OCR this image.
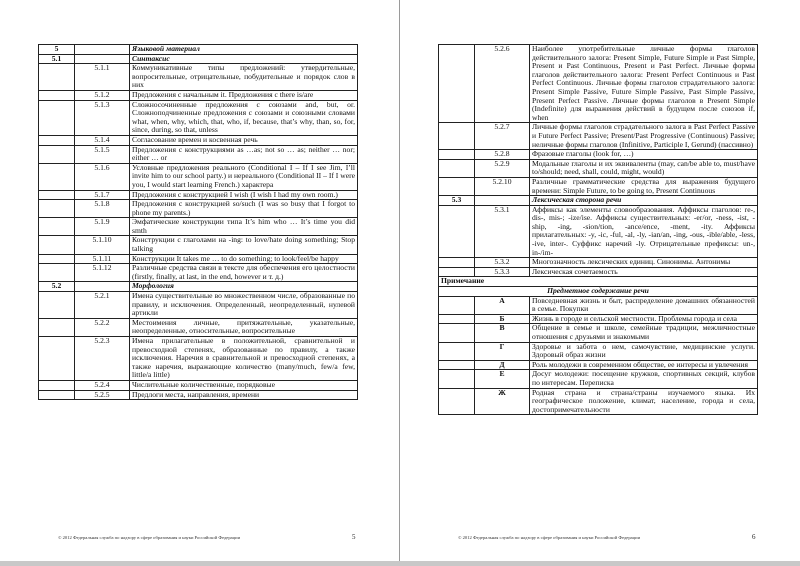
5		Языковой материал
5.1		Синтаксис
	5.1.1	Коммуникативные типы предложений: утвердительные, вопросительные, отрицательные, побудительные и порядок слов в них
	5.1.2	Предложения с начальным it. Предложения с there is/are
	5.1.3	Сложносочиненные предложения с союзами and, but, or. Сложноподчиненные предложения с союзами и союзными словами what, when, why, which, that, who, if, because, that’s why, than, so, for, since, during, so that, unless
	5.1.4	Согласование времен и косвенная речь
	5.1.5	Предложения с конструкциями as …as; not so … as; neither … nor; either … or
	5.1.6	Условные предложения реального (Conditional I – If I see Jim, I’ll invite him to our school party.) и нереального (Conditional II – If I were you, I would start learning French.) характера
	5.1.7	Предложения с конструкцией I wish (I wish I had my own room.)
	5.1.8	Предложения с конструкцией so/such (I was so busy that I forgot to phone my parents.)
	5.1.9	Эмфатические конструкции типа It’s him who … It’s time you did smth
	5.1.10	Конструкции с глаголами на -ing: to love/hate doing something; Stop talking
	5.1.11	Конструкции It takes me … to do something; to look/feel/be happy
	5.1.12	Различные средства связи в тексте для обеспечения его целостности (firstly, finally, at last, in the end, however и т. д.)
5.2		Морфология
	5.2.1	Имена существительные во множественном числе, образованные по правилу, и исключения. Определенный, неопределенный, нулевой артикли
	5.2.2	Местоимения личные, притяжательные, указательные, неопределенные, относительные, вопросительные
	5.2.3	Имена прилагательные в положительной, сравнительной и превосходной степенях, образованные по правилу, а также исключения. Наречия в сравнительной и превосходной степенях, а также наречия, выражающие количество (many/much, few/a few, little/a little)
	5.2.4	Числительные количественные, порядковые
	5.2.5	Предлоги места, направления, времени
© 2012 Федеральная служба по надзору в сфере образования и науки Российской Федерации	5
	5.2.6	Наиболее употребительные личные формы глаголов действительного залога: Present Simple, Future Simple и Past Simple, Present и Past Continuous, Present и Past Perfect. Личные формы глаголов действительного залога: Present Perfect Continuous и Past Perfect Continuous. Личные формы глаголов страдательного залога: Present Simple Passive, Future Simple Passive, Past Simple Passive, Present Perfect Passive. Личные формы глаголов в Present Simple (Indefinite) для выражения действий в будущем после союзов if, when
	5.2.7	Личные формы глаголов страдательного залога в Past Perfect Passive и Future Perfect Passive; Present/Past Progressive (Continuous) Passive; неличные формы глаголов (Infinitive, Participle I, Gerund) (пассивно)
	5.2.8	Фразовые глаголы (look for, …)
	5.2.9	Модальные глаголы и их эквиваленты (may, can/be able to, must/have to/should; need, shall, could, might, would)
	5.2.10	Различные грамматические средства для выражения будущего времени: Simple Future, to be going to, Present Continuous
5.3		Лексическая сторона речи
	5.3.1	Аффиксы как элементы словообразования. Аффиксы глаголов: re-, dis-, mis-; -ize/ise. Аффиксы существительных: -er/or, -ness, -ist, -ship, -ing, -sion/tion, -ance/ence, -ment, -ity. Аффиксы прилагательных: -y, -ic, -ful, -al, -ly, -ian/an, -ing, -ous, -ible/able, -less, -ive, inter-. Суффикс наречий -ly. Отрицательные префиксы: un-, in-/im-
	5.3.2	Многозначность лексических единиц. Синонимы. Антонимы
	5.3.3	Лексическая сочетаемость
Примечание		
Предметное содержание речи		
	А	Повседневная жизнь и быт, распределение домашних обязанностей в семье. Покупки
	Б	Жизнь в городе и сельской местности. Проблемы города и села
	В	Общение в семье и школе, семейные традиции, межличностные отношения с друзьями и знакомыми
	Г	Здоровье и забота о нем, самочувствие, медицинские услуги. Здоровый образ жизни
	Д	Роль молодежи в современном обществе, ее интересы и увлечения
	Е	Досуг молодежи: посещение кружков, спортивных секций, клубов по интересам. Переписка
	Ж	Родная страна и страна/страны изучаемого языка. Их географическое положение, климат, население, города и села, достопримечательности
© 2012 Федеральная служба по надзору в сфере образования и науки Российской Федерации	6
